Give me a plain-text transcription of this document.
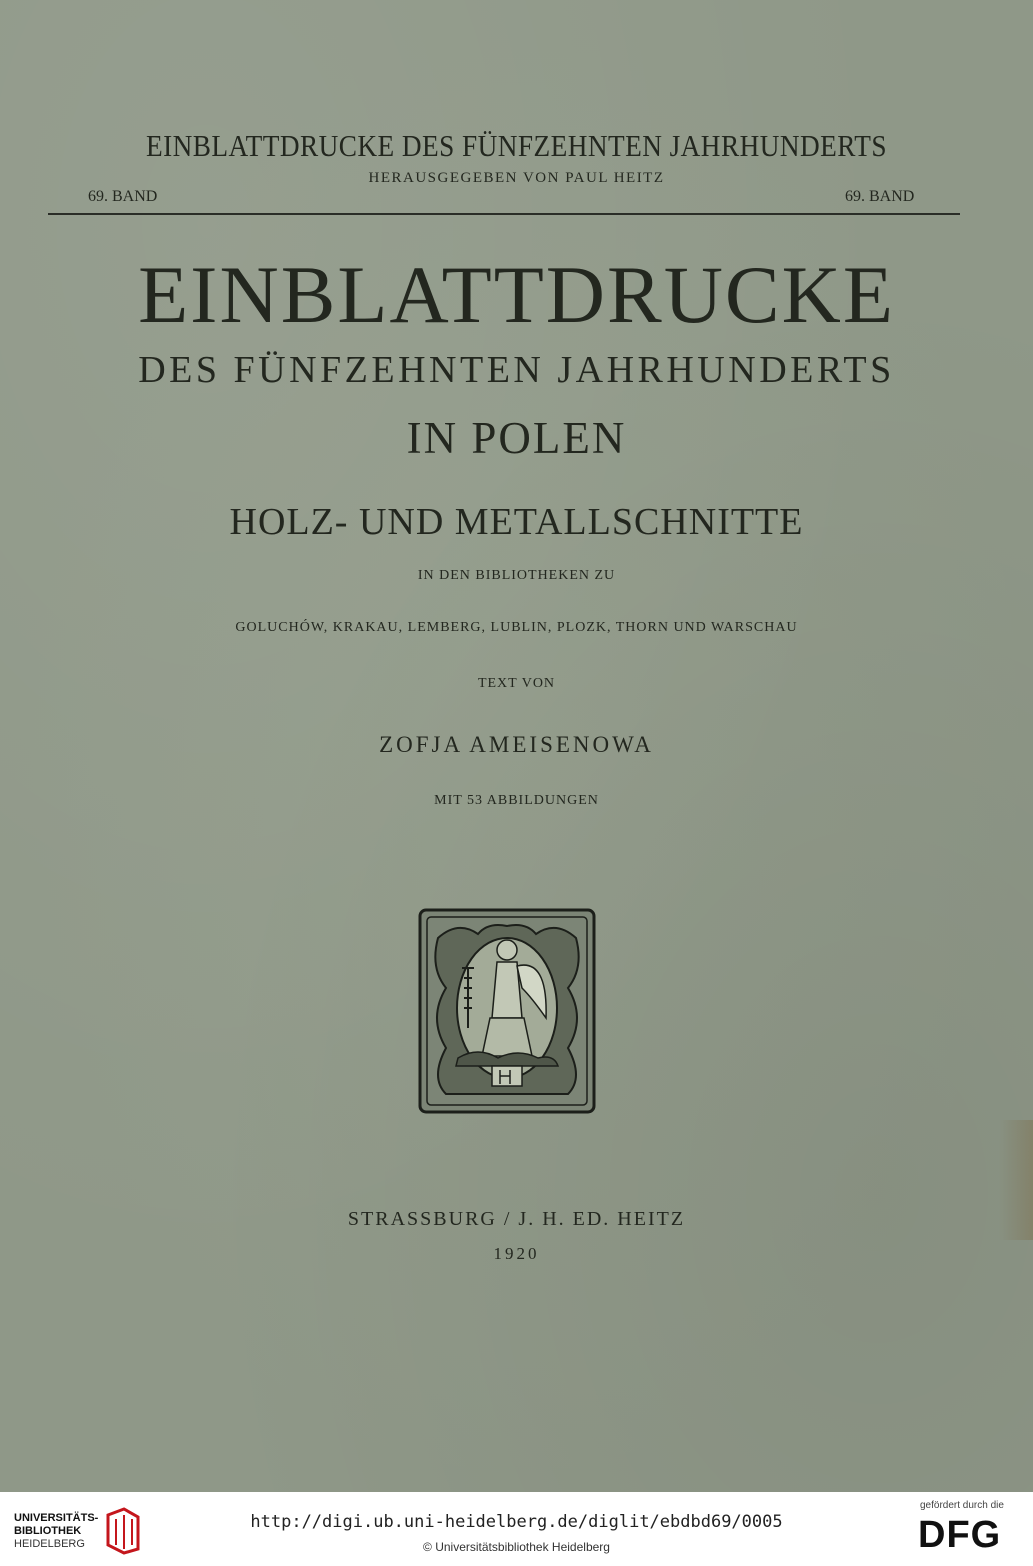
EINBLATTDRUCKE DES FÜNFZEHNTEN JAHRHUNDERTS
HERAUSGEGEBEN VON PAUL HEITZ
69. BAND	69. BAND
EINBLATTDRUCKE
DES FÜNFZEHNTEN JAHRHUNDERTS
IN POLEN
HOLZ- UND METALLSCHNITTE
IN DEN BIBLIOTHEKEN ZU
GOLUCHÓW, KRAKAU, LEMBERG, LUBLIN, PLOZK, THORN UND WARSCHAU
TEXT VON
ZOFJA AMEISENOWA
MIT 53 ABBILDUNGEN
STRASSBURG / J. H. ED. HEITZ
1920
UNIVERSITÄTS-
BIBLIOTHEK
HEIDELBERG
http://digi.ub.uni-heidelberg.de/diglit/ebdbd69/0005
© Universitätsbibliothek Heidelberg
gefördert durch die
DFG
